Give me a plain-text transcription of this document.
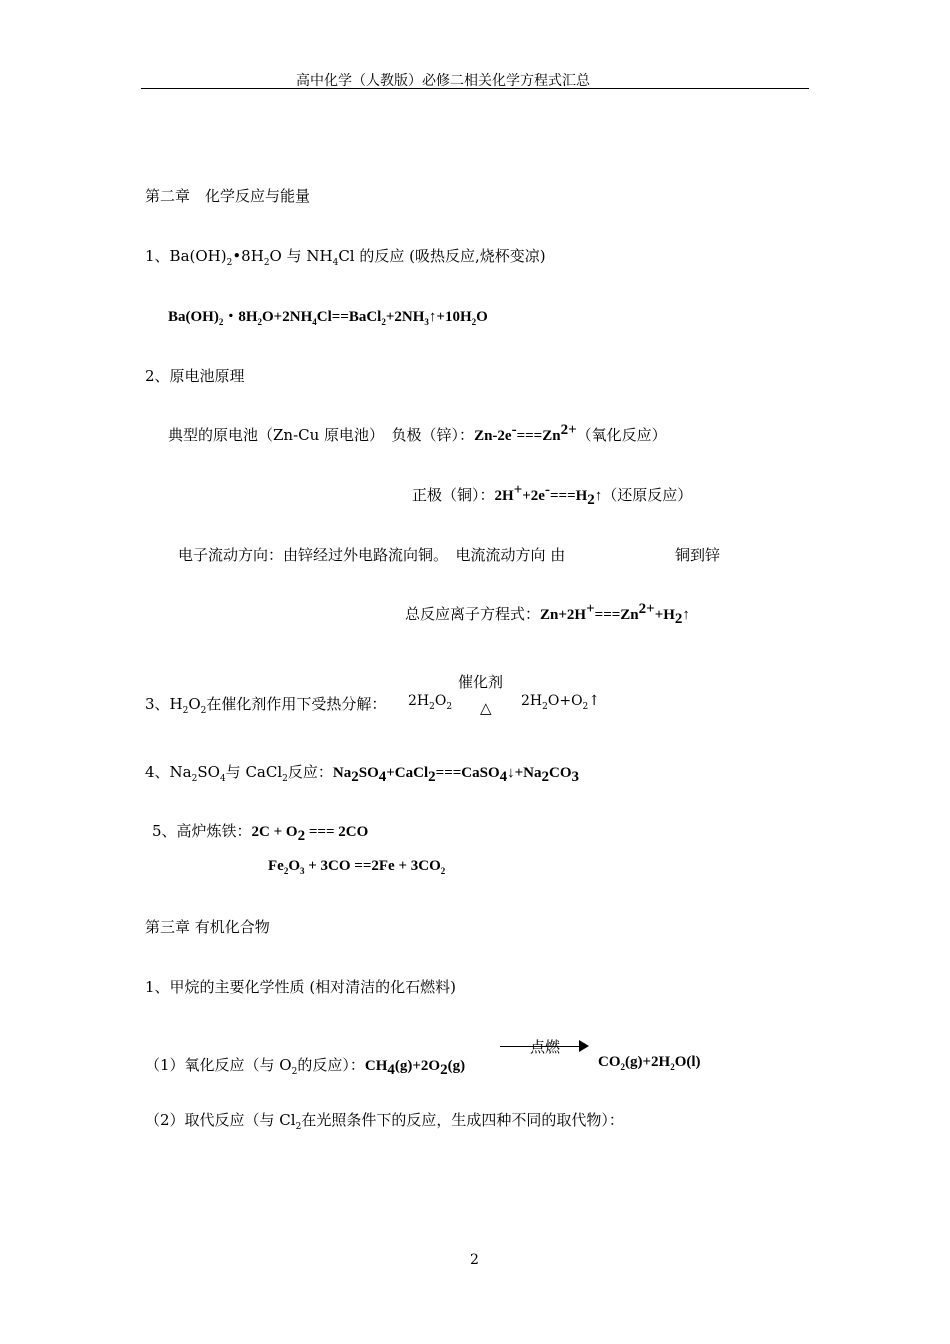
高中化学（人教版）必修二相关化学方程式汇总
第二章　化学反应与能量
1、$Ba(OH)_2•8H_2O$ 与 $NH_4Cl$ 的反应 (吸热反应,烧杯变凉)
$Ba(OH)_2$・$8H_2O+2NH_4Cl==BaCl_2+2NH_3↑+10H_2O$
2、原电池原理
典型的原电池（Zn-Cu 原电池）　负极（锌）：$Zn-2e^-===Zn^{2+}$（氧化反应）
正极（铜）：$2H^++2e^-===H_2↑$（还原反应）
电子流动方向：由锌经过外电路流向铜。　电流流动方向 由	铜到锌
总反应离子方程式：$Zn+2H^+===Zn^{2+}+H_2↑$
催化剂
3、$H_2O_2$在催化剂作用下受热分解： $2H_2O_2$ △ $2H_2O+O_2↑$
4、$Na_2SO_4$与 CaCl$_2$反应：$Na_2SO_4+CaCl_2===CaSO_4↓+Na_2CO_3$
5、高炉炼铁：$2C + O_2$ === 2CO
$Fe_2O_3 + 3CO ==2Fe + 3CO_2$
第三章 有机化合物
1、甲烷的主要化学性质 (相对清洁的化石燃料)
点燃
（1）氧化反应（与 $O_2$的反应）：$CH_4(g)+2O_2(g)$	$CO_2(g)+2H_2O(l)$
（2）取代反应（与 $Cl_2$在光照条件下的反应，生成四种不同的取代物）：
2
